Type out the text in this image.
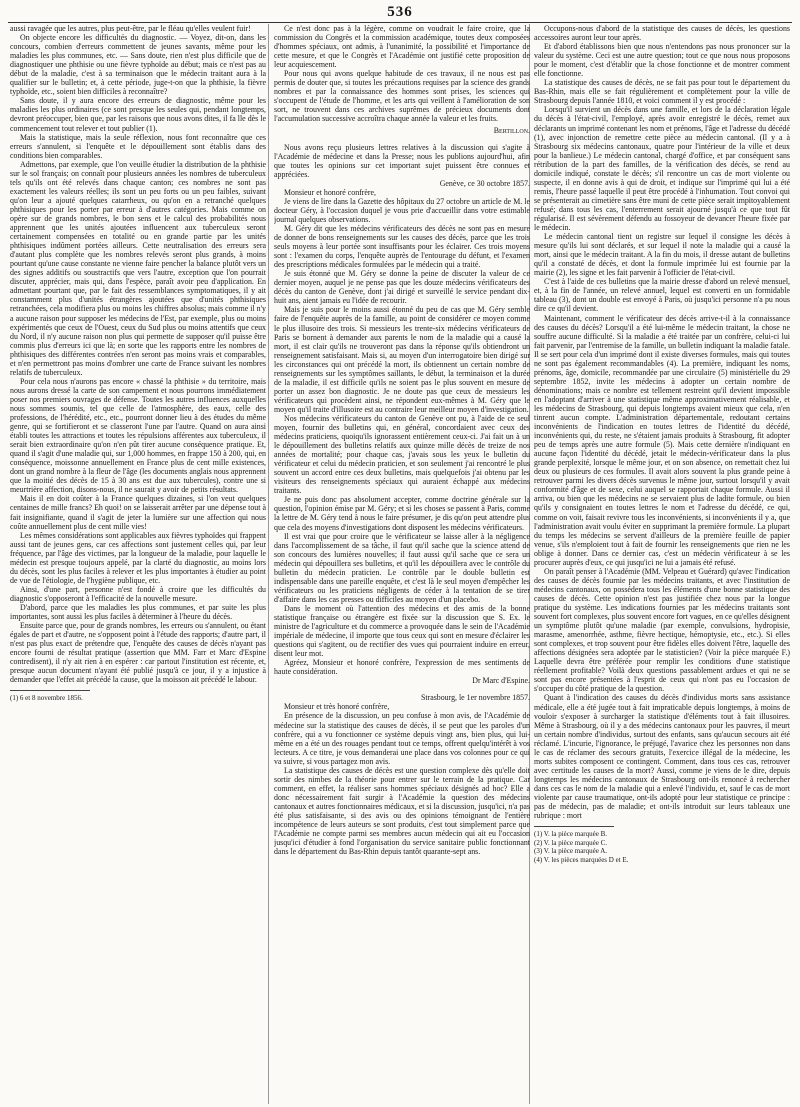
536

aussi ravagée que les autres, plus peut-être, par le fléau qu'elles veulent fuir!

On objecte encore les difficultés du diagnostic. — Voyez, dit-on, dans les concours, combien d'erreurs commettent de jeunes savants, même pour les maladies les plus communes, etc. — Sans doute, rien n'est plus difficile que de diagnostiquer une phthisie ou une fièvre typhoïde au début; mais ce n'est pas au début de la maladie, c'est à sa terminaison que le médecin traitant aura à la qualifier sur le bulletin; et, à cette période, juge-t-on que la phthisie, la fièvre typhoïde, etc., soient bien difficiles à reconnaître?

Sans doute, il y aura encore des erreurs de diagnostic, même pour les maladies les plus ordinaires (ce sont presque les seules qui, pendant longtemps, devront préoccuper, bien que, par les raisons que nous avons dites, il fa lle dès le commencement tout relever et tout publier (1).

Mais la statistique, mais la seule réflexion, nous font reconnaître que ces erreurs s'annulent, si l'enquête et le dépouillement sont établis dans des conditions bien comparables.

Admettons, par exemple, que l'on veuille étudier la distribution de la phthisie sur le sol français; on connaît pour plusieurs années les nombres de tuberculeux tels qu'ils ont été relevés dans chaque canton; ces nombres ne sont pas exactement les valeurs réelles; ils sont un peu forts ou un peu faibles, suivant qu'on leur a ajouté quelques catarrheux, ou qu'on en a retranché quelques phthisiques pour les porter par erreur à d'autres catégories. Mais comme on opère sur de grands nombres, le bon sens et le calcul des probabilités nous apprennent que les unités ajoutées influencent aux tuberculeux seront certainement compensées en totalité ou en grande partie par les unités phthisiques indûment portées ailleurs. Cette neutralisation des erreurs sera d'autant plus complète que les nombres relevés seront plus grands, à moins pourtant qu'une cause constante ne vienne faire pencher la balance plutôt vers un des signes additifs ou soustractifs que vers l'autre, exception que l'on pourrait discuter, apprécier, mais qui, dans l'espèce, paraît avoir peu d'application. En admettant pourtant que, par le fait des ressemblances symptomatiques, il y ait constamment plus d'unités étrangères ajoutées que d'unités phthisiques retranchées, cela modifiera plus ou moins les chiffres absolus; mais comme il n'y a aucune raison pour supposer les médecins de l'Est, par exemple, plus ou moins expérimentés que ceux de l'Ouest, ceux du Sud plus ou moins attentifs que ceux du Nord, il n'y aucune raison non plus qui permette de supposer qu'il puisse être commis plus d'erreurs ici que là; en sorte que les rapports entre les nombres de phthisiques des différentes contrées n'en seront pas moins vrais et comparables, et n'en permettront pas moins d'ombrer une carte de France suivant les nombres relatifs de tuberculeux.

Pour cela nous n'aurons pas encore « chassé la phthisie » du territoire, mais nous aurons dressé la carte de son campement et nous pourrons immédiatement poser nos premiers ouvrages de défense. Toutes les autres influences auxquelles nous sommes soumis, tel que celle de l'atmosphère, des eaux, celle des professions, de l'hérédité, etc., etc., pourront donner lieu à des études du même genre, qui se fortifieront et se classeront l'une par l'autre. Quand on aura ainsi établi toutes les attractions et toutes les répulsions afférentes aux tuberculeux, il serait bien extraordinaire qu'on n'en pût tirer aucune conséquence pratique. Et, quand il s'agit d'une maladie qui, sur 1,000 hommes, en frappe 150 à 200, qui, en conséquence, moissonne annuellement en France plus de cent mille existences, dont un grand nombre à la fleur de l'âge (les documents anglais nous apprennent que la moitié des décès de 15 à 30 ans est due aux tubercules), contre une si meurtrière affection, disons-nous, il ne saurait y avoir de petits résultats.

Mais il en doit coûter à la France quelques dizaines, si l'on veut quelques centaines de mille francs? Eh quoi! on se laisserait arrêter par une dépense tout à fait insignifiante, quand il s'agit de jeter la lumière sur une affection qui nous coûte annuellement plus de cent mille vies!

Les mêmes considérations sont applicables aux fièvres typhoïdes qui frappent aussi tant de jeunes gens, car ces affections sont justement celles qui, par leur fréquence, par l'âge des victimes, par la longueur de la maladie, pour laquelle le médecin est presque toujours appelé, par la clarté du diagnostic, au moins lors du décès, sont les plus faciles à relever et les plus importantes à étudier au point de vue de l'étiologie, de l'hygiène publique, etc.

Ainsi, d'une part, personne n'est fondé à croire que les difficultés du diagnostic s'opposeront à l'efficacité de la nouvelle mesure.

D'abord, parce que les maladies les plus communes, et par suite les plus importantes, sont aussi les plus faciles à déterminer à l'heure du décès.

Ensuite parce que, pour de grands nombres, les erreurs ou s'annulent, ou étant égales de part et d'autre, ne s'opposent point à l'étude des rapports; d'autre part, il n'est pas plus exact de prétendre que, l'enquête des causes de décès n'ayant pas encore fourni de résultat pratique (assertion que MM. Farr et Marc d'Espine contredisent), il n'y ait rien à en espérer : car partout l'institution est récente, et, presque aucun document n'ayant été publié jusqu'à ce jour, il y a injustice à demander que l'effet ait précédé la cause, que la moisson ait précédé le labour.

(1) 6 et 8 novembre 1856.

Ce n'est donc pas à la légère, comme on voudrait le faire croire, que la commission du Congrès et la commission académique, toutes deux composées d'hommes spéciaux, ont admis, à l'unanimité, la possibilité et l'importance de cette mesure, et que le Congrès et l'Académie ont justifié cette proposition de leur acquiescement.

Pour nous qui avons quelque habitude de ces travaux, il ne nous est pas permis de douter que, si toutes les précautions requises par la science des grands nombres et par la connaissance des hommes sont prises, les sciences qui s'occupent de l'étude de l'homme, et les arts qui veillent à l'amélioration de son sort, ne trouvent dans ces archives suprêmes de précieux documents dont l'accumulation successive accroîtra chaque année la valeur et les fruits.

Bertillon.

Nous avons reçu plusieurs lettres relatives à la discussion qui s'agite à l'Académie de médecine et dans la Presse; nous les publions aujourd'hui, afin que toutes les opinions sur cet important sujet puissent être connues et appréciées.

Genève, ce 30 octobre 1857.

Monsieur et honoré confrère,

Je viens de lire dans la Gazette des hôpitaux du 27 octobre un article de M. le docteur Géry, à l'occasion duquel je vous prie d'accueillir dans votre estimable journal quelques observations.

M. Géry dit que les médecins vérificateurs des décès ne sont pas en mesure de donner de bons renseignements sur les causes des décès, parce que les trois seuls moyens à leur portée sont insuffisants pour les éclairer. Ces trois moyens sont : l'examen du corps, l'enquête auprès de l'entourage du défunt, et l'examen des prescriptions médicales formulées par le médecin qui a traité.

Je suis étonné que M. Géry se donne la peine de discuter la valeur de ce dernier moyen, auquel je ne pense pas que les douze médecins vérificateurs des décès du canton de Genève, dont j'ai dirigé et surveillé le service pendant dix-huit ans, aient jamais eu l'idée de recourir.

Mais je suis pour le moins aussi étonné du peu de cas que M. Géry semble faire de l'enquête auprès de la famille, au point de considérer ce moyen comme le plus illusoire des trois. Si messieurs les trente-six médecins vérificateurs de Paris se bornent à demander aux parents le nom de la maladie qui a causé la mort, il est clair qu'ils ne trouveront pas dans la réponse qu'ils obtiendront un renseignement satisfaisant. Mais si, au moyen d'un interrogatoire bien dirigé sur les circonstances qui ont précédé la mort, ils obtiennent un certain nombre de renseignements sur les symptômes saillants, le début, la terminaison et la durée de la maladie, il est difficile qu'ils ne soient pas le plus souvent en mesure de porter un assez bon diagnostic. Je ne doute pas que ceux de messieurs les vérificateurs qui procèdent ainsi, ne répondent eux-mêmes à M. Géry que le moyen qu'il traite d'illusoire est au contraire leur meilleur moyen d'investigation.

Nos médecins vérificateurs du canton de Genève ont pu, à l'aide de ce seul moyen, fournir des bulletins qui, en général, concordaient avec ceux des médecins praticiens, quoiqu'ils ignorassent entièrement ceux-ci. J'ai fait un à un le dépouillement des bulletins relatifs aux quinze mille décès de treize de nos années de mortalité; pour chaque cas, j'avais sous les yeux le bulletin du vérificateur et celui du médecin praticien, et son seulement j'ai rencontré le plus souvent un accord entre ces deux bulletins, mais quelquefois j'ai obtenu par les visiteurs des renseignements spéciaux qui auraient échappé aux médecins traitants.

Je ne puis donc pas absolument accepter, comme doctrine générale sur la question, l'opinion émise par M. Géry; et si les choses se passent à Paris, comme la lettre de M. Géry tend à nous le faire présumer, je dis qu'on peut attendre plus que cela des moyens d'investigations dont disposent les médecins vérificateurs.

Il est vrai que pour croire que le vérificateur se laisse aller à la négligence dans l'accomplissement de sa tâche, il faut qu'il sache que la science attend de son concours des lumières nouvelles; il faut aussi qu'il sache que ce sera un médecin qui dépouillera ses bulletins, et qu'il les dépouillera avec le contrôle du bulletin du médecin praticien. Le contrôle par le double bulletin est indispensable dans une pareille enquête, et c'est là le seul moyen d'empêcher les vérificateurs ou les praticiens négligents de céder à la tentation de se tirer d'affaire dans les cas presses ou difficiles au moyen d'un placebo.

Dans le moment où l'attention des médecins et des amis de la bonne statistique française ou étrangère est fixée sur la discussion que S. Ex. le ministre de l'agriculture et du commerce a provoquée dans le sein de l'Académie impériale de médecine, il importe que tous ceux qui sont en mesure d'éclairer les questions qui s'agitent, ou de rectifier des vues qui pourraient induire en erreur, disent leur mot.

Agréez, Monsieur et honoré confrère, l'expression de mes sentiments de haute considération.

Dr Marc d'Espine.

Strasbourg, le 1er novembre 1857.

Monsieur et très honoré confrère,

En présence de la discussion, un peu confuse à mon avis, de l'Académie de médecine sur la statistique des causes de décès, il se peut que les paroles d'un confrère, qui a vu fonctionner ce système depuis vingt ans, bien plus, qui lui-même en a été un des rouages pendant tout ce temps, offrent quelqu'intérêt à vos lecteurs. A ce titre, je vous demanderai une place dans vos colonnes pour ce qui va suivre, si vous partagez mon avis.

La statistique des causes de décès est une question complexe dès qu'elle doit sortir des nimbes de la théorie pour entrer sur le terrain de la pratique. Car comment, en effet, la réaliser sans hommes spéciaux désignés ad hoc? Elle a donc nécessairement fait surgir à l'Académie la question des médecins cantonaux et autres fonctionnaires médicaux, et si la discussion, jusqu'ici, n'a pas été plus satisfaisante, si des avis ou des opinions témoignant de l'entière incompétence de leurs auteurs se sont produits, c'est tout simplement parce que l'Académie ne compte parmi ses membres aucun médecin qui ait eu l'occasion jusqu'ici d'étudier à fond l'organisation du service sanitaire public fonctionnant dans le département du Bas-Rhin depuis tantôt quarante-sept ans.

Occupons-nous d'abord de la statistique des causes de décès, les questions accessoires auront leur tour après.

Et d'abord établissons bien que nous n'entendons pas nous prononcer sur la valeur du système. Ceci est une autre question; tout ce que nous nous proposons pour le moment, c'est d'établir que la chose fonctionne et de montrer comment elle fonctionne.

La statistique des causes de décès, ne se fait pas pour tout le département du Bas-Rhin, mais elle se fait régulièrement et complètement pour la ville de Strasbourg depuis l'année 1810, et voici comment il y est procédé :

Lorsqu'il survient un décès dans une famille, et lors de la déclaration légale du décès à l'état-civil, l'employé, après avoir enregistré le décès, remet aux déclarants un imprimé contenant les nom et prénoms, l'âge et l'adresse du décédé (1), avec injonction de remettre cette pièce au médecin cantonal. (Il y a à Strasbourg six médecins cantonaux, quatre pour l'intérieur de la ville et deux pour la banlieue.) Le médecin cantonal, chargé d'office, et par conséquent sans rétribution de la part des familles, de la vérification des décès, se rend au domicile indiqué, constate le décès; s'il rencontre un cas de mort violente ou suspecte, il en donne avis à qui de droit, et indique sur l'imprimé qui lui a été remis, l'heure passé laquelle il peut être procédé à l'inhumation. Tout convoi qui se présenterait au cimetière sans être muni de cette pièce serait impitoyablement refusé; dans tous les cas, l'enterrement serait ajourné jusqu'à ce que tout fût régularisé. Il est sévèrement défendu au fossoyeur de devancer l'heure fixée par le médecin.

Le médecin cantonal tient un registre sur lequel il consigne les décès à mesure qu'ils lui sont déclarés, et sur lequel il note la maladie qui a causé la mort, ainsi que le médecin traitant. A la fin du mois, il dresse autant de bulletins qu'il a constaté de décès, et dont la formule imprimée lui est fournie par la mairie (2), les signe et les fait parvenir à l'officier de l'état-civil.

C'est à l'aide de ces bulletins que la mairie dresse d'abord un relevé mensuel, et, à la fin de l'année, un relevé annuel, lequel est converti en un formidable tableau (3), dont un double est envoyé à Paris, où jusqu'ici personne n'a pu nous dire ce qu'il devient.

Maintenant, comment le vérificateur des décès arrive-t-il à la connaissance des causes du décès? Lorsqu'il a été lui-même le médecin traitant, la chose ne souffre aucune difficulté. Si la maladie a été traitée par un confrère, celui-ci lui fait parvenir, par l'entremise de la famille, un bulletin indiquant la maladie fatale. Il se sert pour cela d'un imprimé dont il existe diverses formules, mais qui toutes ne sont pas également recommandables (4). La première, indiquant les noms, prénoms, âge, domicile, recommandée par une circulaire (5) ministérielle du 29 septembre 1852, invite les médecins à adopter un certain nombre de dénominations; mais ce nombre est tellement restreint qu'il devient impossible en l'adoptant d'arriver à une statistique même approximativement réalisable, et les médecins de Strasbourg, qui depuis longtemps avaient mieux que cela, n'en tinrent aucun compte. L'administration départementale, redoutant certains inconvénients de l'indication en toutes lettres de l'identité du décédé, inconvénients qui, du reste, ne s'étaient jamais produits à Strasbourg, fit adopter peu de temps après une autre formule (5). Mais cette dernière n'indiquant en aucune façon l'identité du décédé, jetait le médecin-vérificateur dans la plus grande perplexité, lorsque le même jour, et on son absence, on remettait chez lui deux ou plusieurs de ces formules. Il avait alors souvent la plus grande peine à retrouver parmi les divers décès survenus le même jour, surtout lorsqu'il y avait conformité d'âge et de sexe, celui auquel se rapportait chaque formule. Aussi il arriva, ou bien que les médecins ne se servaient plus de ladite formule, ou bien qu'ils y consignaient en toutes lettres le nom et l'adresse du décédé, ce qui, comme on voit, faisait revivre tous les inconvénients, si inconvénients il y a, que l'administration avait voulu éviter en supprimant la première formule. La plupart du temps les médecins se servent d'ailleurs de la première feuille de papier venue, s'ils n'emploient tout à fait de fournir les renseignements que rien ne les oblige à donner. Dans ce dernier cas, c'est un médecin vérificateur à se les procurer auprès d'eux, ce qui jusqu'ici ne lui a jamais été refusé.

On paraît penser à l'Académie (MM. Velpeau et Guérard) qu'avec l'indication des causes de décès fournie par les médecins traitants, et avec l'institution de médecins cantonaux, on possédera tous les éléments d'une bonne statistique des causes de décès. Cette opinion n'est pas justifiée chez nous par la longue pratique du système. Les indications fournies par les médecins traitants sont souvent fort complexes, plus souvent encore fort vagues, en ce qu'elles désignent un symptôme plutôt qu'une maladie (par exemple, convulsions, hydropisie, marasme, amenorrhée, asthme, fièvre hectique, hémoptysie, etc., etc.). Si elles sont complexes, et trop souvent pour être fidèles elles doivent l'être, laquelle des affections désignées sera adoptée par le statisticien? (Voir la pièce marquée F.) Laquelle devra être préférée pour remplir les conditions d'une statistique réellement profitable? Voilà deux questions passablement ardues et qui ne se sont pas encore présentées à l'esprit de ceux qui n'ont pas eu l'occasion de s'occuper du côté pratique de la question.

Quant à l'indication des causes du décès d'individus morts sans assistance médicale, elle a été jugée tout à fait impraticable depuis longtemps, à moins de vouloir s'exposer à surcharger la statistique d'éléments tout à fait illusoires. Même à Strasbourg, où il y a des médecins cantonaux pour les pauvres, il meurt un certain nombre d'individus, surtout des enfants, sans qu'aucun secours ait été réclamé. L'incurie, l'ignorance, le préjugé, l'avarice chez les personnes non dans le cas de réclamer des secours gratuits, l'exercice illégal de la médecine, les morts subites composent ce contingent. Comment, dans tous ces cas, retrouver avec certitude les causes de la mort? Aussi, comme je viens de le dire, depuis longtemps les médecins cantonaux de Strasbourg ont-ils renoncé à rechercher dans ces cas le nom de la maladie qui a enlevé l'individu, et, sauf le cas de mort violente par cause traumatique, ont-ils adopté pour leur statistique ce principe : pas de médecin, pas de maladie; et ont-ils introduit sur leurs tableaux une rubrique : mort

(1) V. la pièce marquée B.

(2) V. la pièce marquée C.

(3) V. la pièce marquée A.

(4) V. les pièces marquées D et E.
